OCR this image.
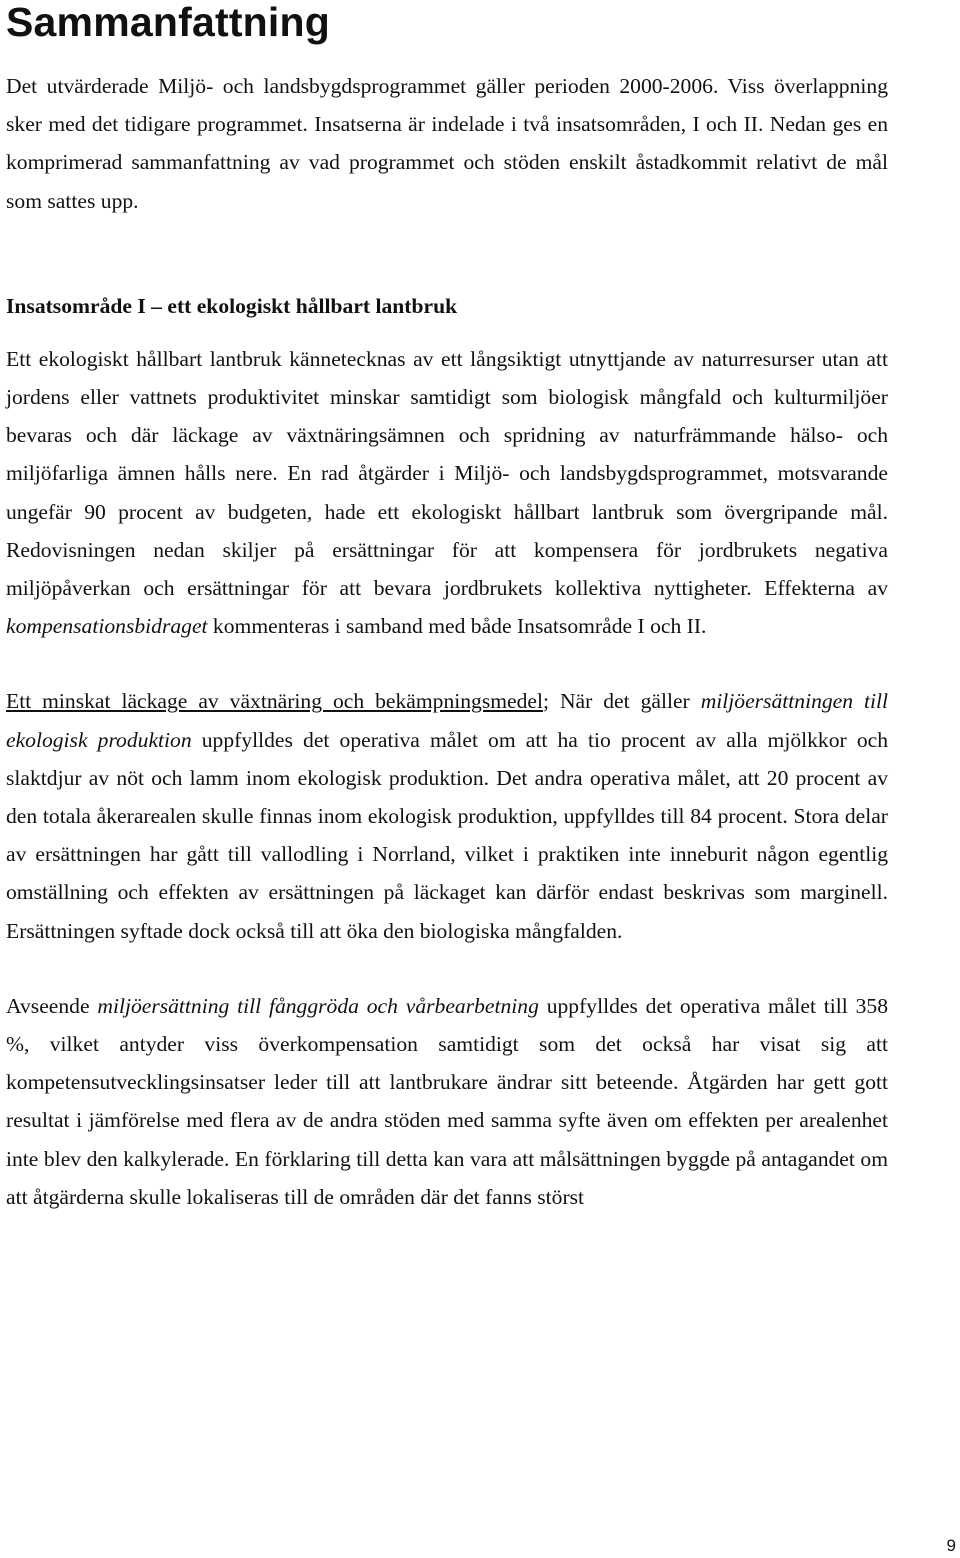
Sammanfattning

Det utvärderade Miljö- och landsbygdsprogrammet gäller perioden 2000-2006. Viss överlappning sker med det tidigare programmet. Insatserna är indelade i två insatsområden, I och II. Nedan ges en komprimerad sammanfattning av vad programmet och stöden enskilt åstadkommit relativt de mål som sattes upp.

Insatsområde I – ett ekologiskt hållbart lantbruk

Ett ekologiskt hållbart lantbruk kännetecknas av ett långsiktigt utnyttjande av naturresurser utan att jordens eller vattnets produktivitet minskar samtidigt som biologisk mångfald och kulturmiljöer bevaras och där läckage av växtnäringsämnen och spridning av naturfrämmande hälso- och miljöfarliga ämnen hålls nere. En rad åtgärder i Miljö- och landsbygdsprogrammet, motsvarande ungefär 90 procent av budgeten, hade ett ekologiskt hållbart lantbruk som övergripande mål. Redovisningen nedan skiljer på ersättningar för att kompensera för jordbrukets negativa miljöpåverkan och ersättningar för att bevara jordbrukets kollektiva nyttigheter. Effekterna av kompensationsbidraget kommenteras i samband med både Insatsområde I och II.

Ett minskat läckage av växtnäring och bekämpningsmedel; När det gäller miljöersättningen till ekologisk produktion uppfylldes det operativa målet om att ha tio procent av alla mjölkkor och slaktdjur av nöt och lamm inom ekologisk produktion. Det andra operativa målet, att 20 procent av den totala åkerarealen skulle finnas inom ekologisk produktion, uppfylldes till 84 procent. Stora delar av ersättningen har gått till vallodling i Norrland, vilket i praktiken inte inneburit någon egentlig omställning och effekten av ersättningen på läckaget kan därför endast beskrivas som marginell. Ersättningen syftade dock också till att öka den biologiska mångfalden.

Avseende miljöersättning till fånggröda och vårbearbetning uppfylldes det operativa målet till 358 %, vilket antyder viss överkompensation samtidigt som det också har visat sig att kompetensutvecklingsinsatser leder till att lantbrukare ändrar sitt beteende. Åtgärden har gett gott resultat i jämförelse med flera av de andra stöden med samma syfte även om effekten per arealenhet inte blev den kalkylerade. En förklaring till detta kan vara att målsättningen byggde på antagandet om att åtgärderna skulle lokaliseras till de områden där det fanns störst

9
